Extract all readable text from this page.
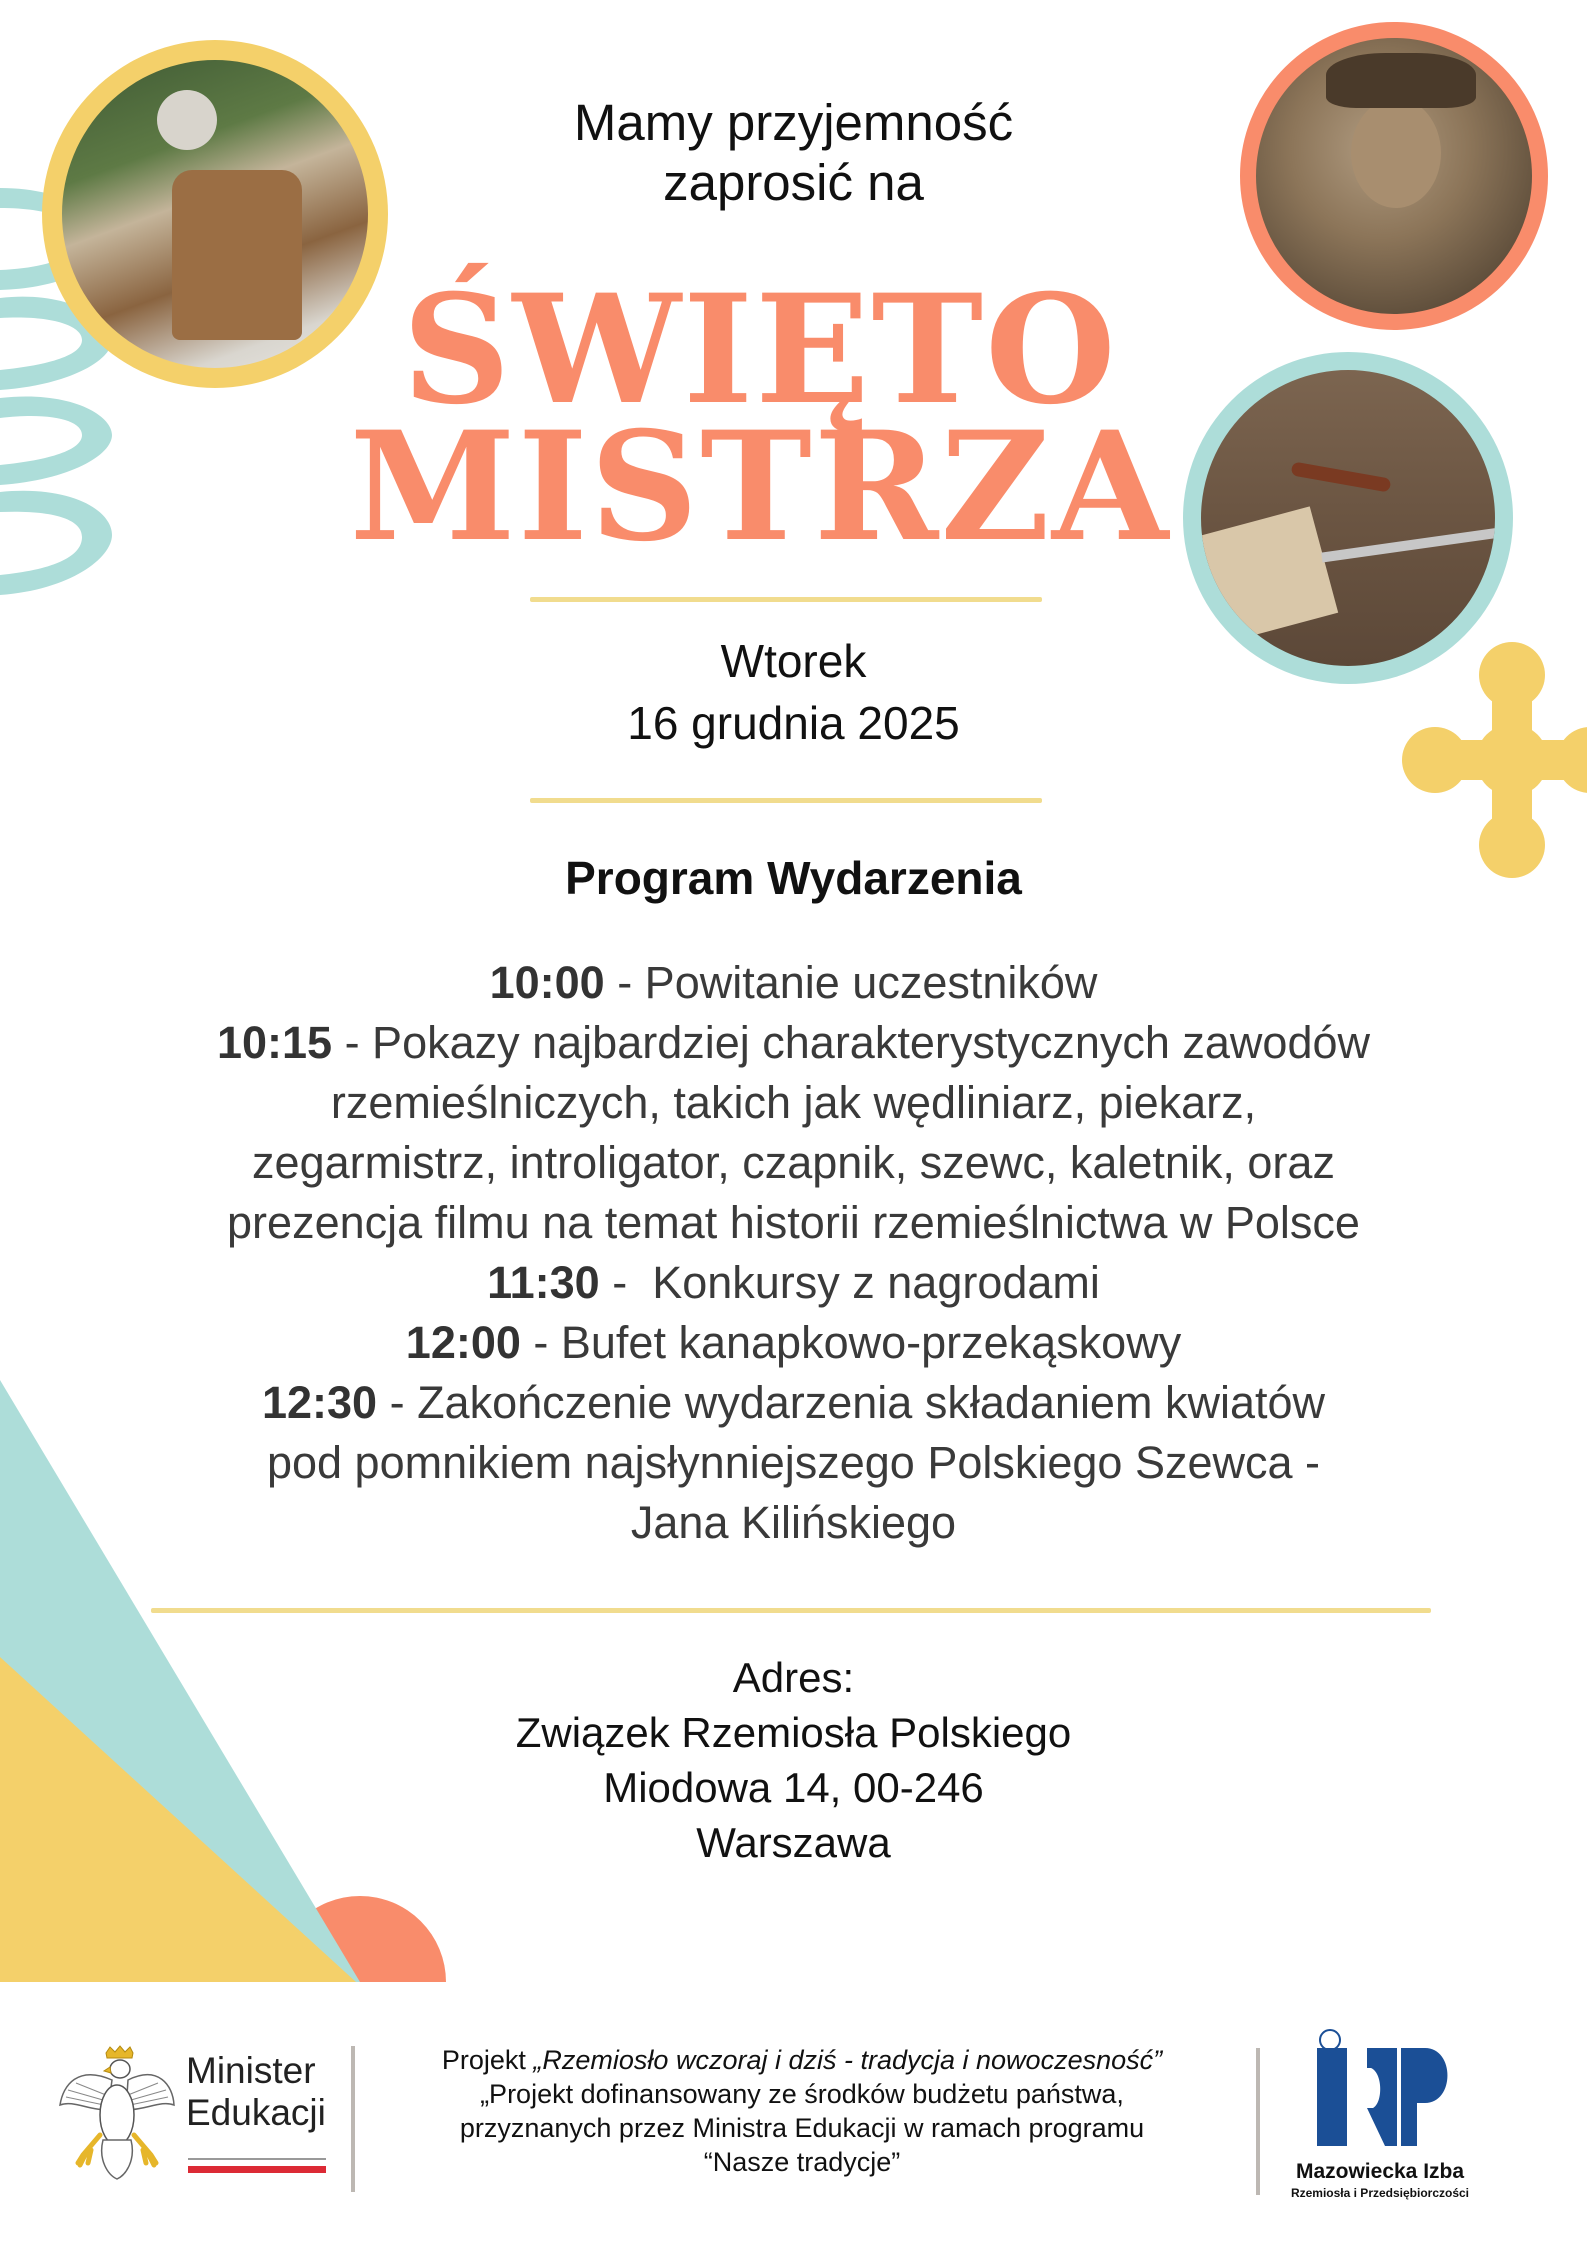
Mamy przyjemność
zaprosić na
ŚWIĘTO
MISTRZA
Wtorek
16 grudnia 2025
Program Wydarzenia
10:00 - Powitanie uczestników
10:15 - Pokazy najbardziej charakterystycznych zawodów
rzemieślniczych, takich jak wędliniarz, piekarz,
zegarmistrz, introligator, czapnik, szewc, kaletnik, oraz
prezencja filmu na temat historii rzemieślnictwa w Polsce
11:30 -  Konkursy z nagrodami
12:00 - Bufet kanapkowo-przekąskowy
12:30 - Zakończenie wydarzenia składaniem kwiatów
pod pomnikiem najsłynniejszego Polskiego Szewca -
Jana Kilińskiego
Adres:
Związek Rzemiosła Polskiego
Miodowa 14, 00-246
Warszawa
Minister
Edukacji
Projekt „Rzemiosło wczoraj i dziś - tradycja i nowoczesność”
„Projekt dofinansowany ze środków budżetu państwa,
przyznanych przez Ministra Edukacji w ramach programu
“Nasze tradycje”	Mazowiecka Izba
Rzemiosła i Przedsiębiorczości
